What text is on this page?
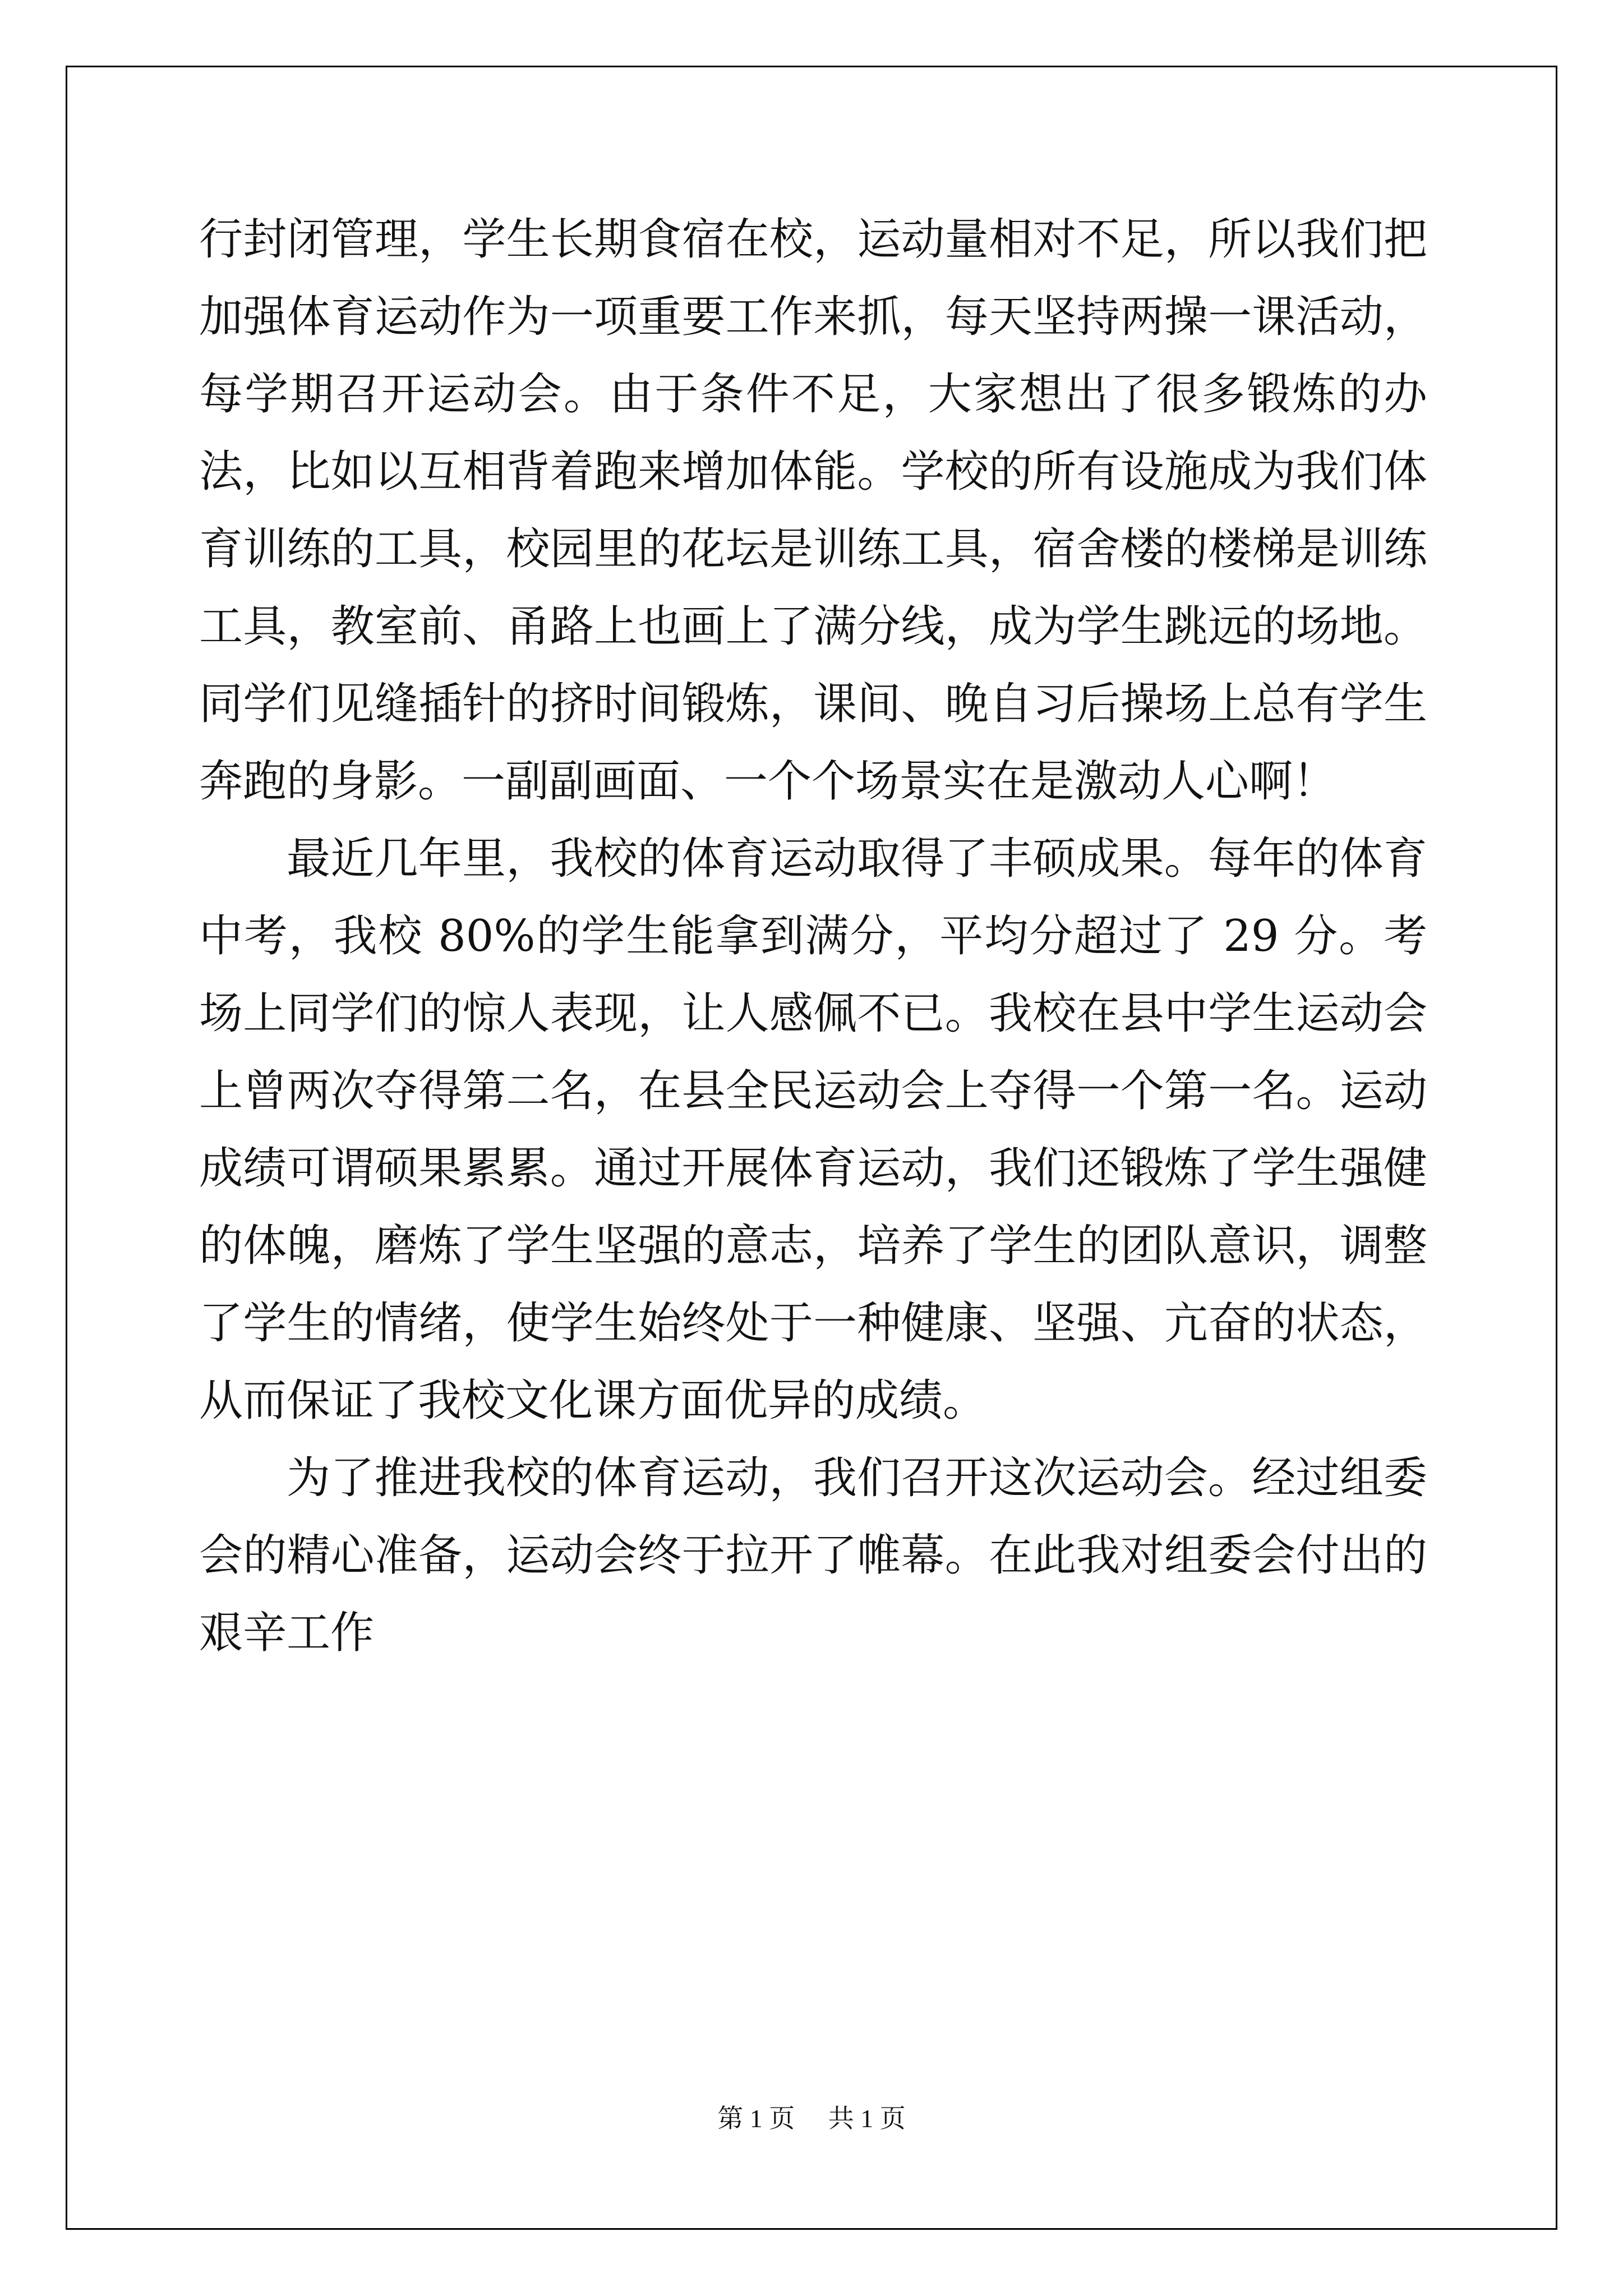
行封闭管理，学生长期食宿在校，运动量相对不足，所以我们把加强体育运动作为一项重要工作来抓，每天坚持两操一课活动，每学期召开运动会。由于条件不足，大家想出了很多锻炼的办法，比如以互相背着跑来增加体能。学校的所有设施成为我们体育训练的工具，校园里的花坛是训练工具，宿舍楼的楼梯是训练工具，教室前、甬路上也画上了满分线，成为学生跳远的场地。同学们见缝插针的挤时间锻炼，课间、晚自习后操场上总有学生奔跑的身影。一副副画面、一个个场景实在是激动人心啊！

最近几年里，我校的体育运动取得了丰硕成果。每年的体育中考，我校 80%的学生能拿到满分，平均分超过了 29 分。考场上同学们的惊人表现，让人感佩不已。我校在县中学生运动会上曾两次夺得第二名，在县全民运动会上夺得一个第一名。运动成绩可谓硕果累累。通过开展体育运动，我们还锻炼了学生强健的体魄，磨炼了学生坚强的意志，培养了学生的团队意识，调整了学生的情绪，使学生始终处于一种健康、坚强、亢奋的状态，从而保证了我校文化课方面优异的成绩。

为了推进我校的体育运动，我们召开这次运动会。经过组委会的精心准备，运动会终于拉开了帷幕。在此我对组委会付出的艰辛工作

第 1 页 共 1 页
